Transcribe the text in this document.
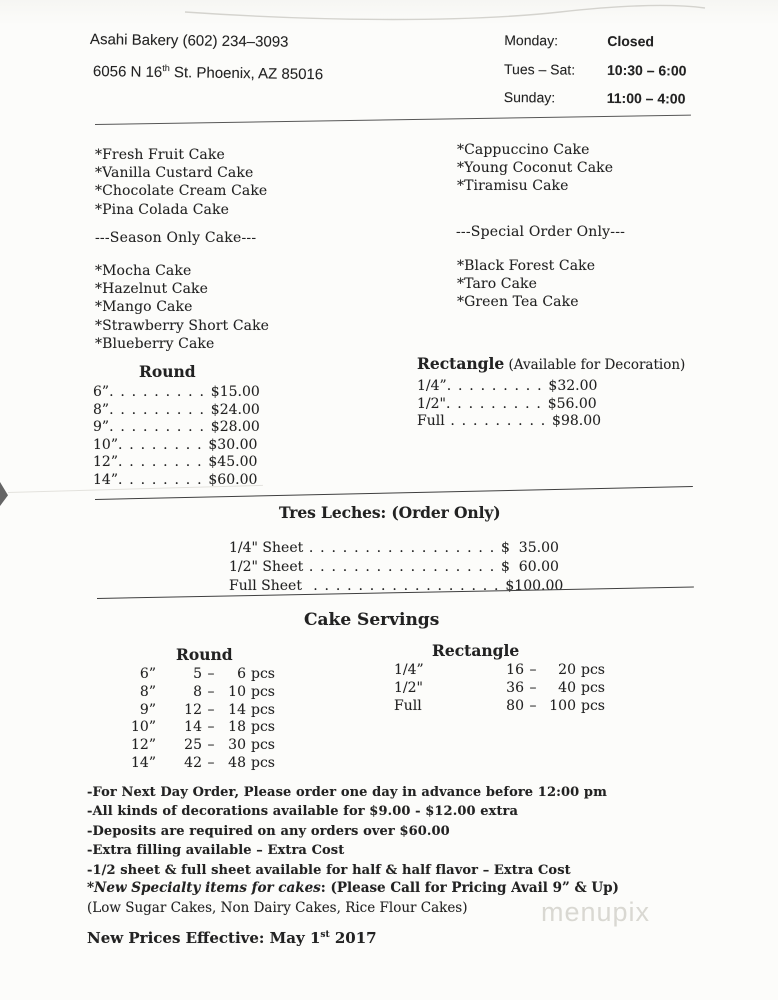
Asahi Bakery (602) 234–3093
6056 N 16th St. Phoenix, AZ 85016
Monday:	Closed
Tues – Sat: 10:30 – 6:00
Sunday:	11:00 – 4:00
*Fresh Fruit Cake
*Vanilla Custard Cake
*Chocolate Cream Cake
*Pina Colada Cake
*Cappuccino Cake
*Young Coconut Cake
*Tiramisu Cake
---Season Only Cake---	---Special Order Only---
*Mocha Cake
*Hazelnut Cake
*Mango Cake
*Strawberry Short Cake
*Blueberry Cake
*Black Forest Cake
*Taro Cake
*Green Tea Cake
Round
6”. . . . . . . . . $15.00
8”. . . . . . . . . $24.00
9”. . . . . . . . . $28.00
10”. . . . . . . . $30.00
12”. . . . . . . . $45.00
14”. . . . . . . . $60.00
Rectangle (Available for Decoration)
1/4”. . . . . . . . . $32.00
1/2". . . . . . . . . $56.00
Full . . . . . . . . . $98.00
Tres Leches: (Order Only)
1/4" Sheet . . . . . . . . . . . . . . . . . $  35.00
1/2" Sheet . . . . . . . . . . . . . . . . . $  60.00
Full Sheet  . . . . . . . . . . . . . . . . . $100.00
Cake Servings
Round
6”	5 – 6 pcs
8”	8 – 10 pcs
9” 12 – 14 pcs
10” 14 – 18 pcs
12” 25 – 30 pcs
14” 42 – 48 pcs
Rectangle
1/4”	16 – 20 pcs
1/2"	36 – 40 pcs
Full	80 – 100 pcs
-For Next Day Order, Please order one day in advance before 12:00 pm
-All kinds of decorations available for $9.00 - $12.00 extra
-Deposits are required on any orders over $60.00
-Extra filling available – Extra Cost
-1/2 sheet & full sheet available for half & half flavor – Extra Cost
*New Specialty items for cakes: (Please Call for Pricing Avail 9” & Up)
(Low Sugar Cakes, Non Dairy Cakes, Rice Flour Cakes)	menupix
New Prices Effective: May 1st 2017
